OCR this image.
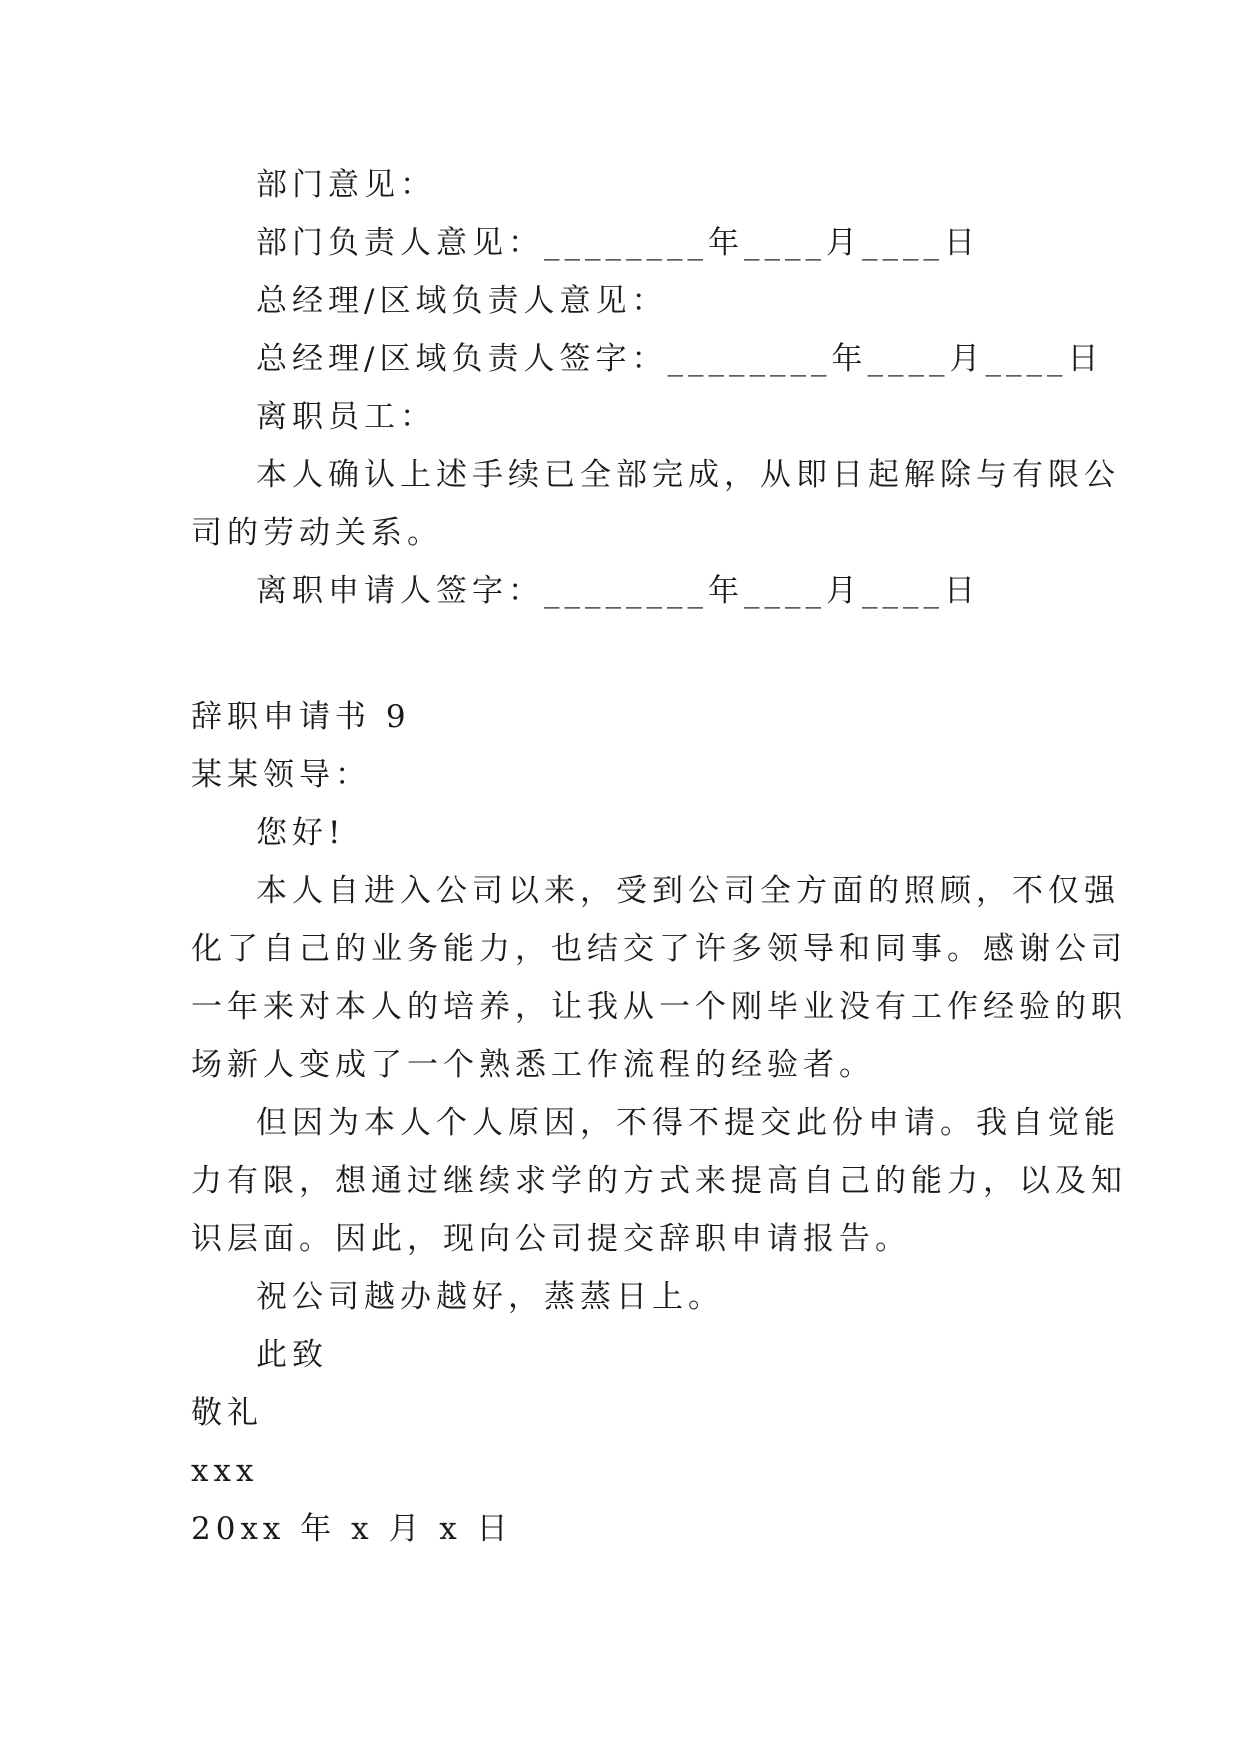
部门意见：
部门负责人意见：________年____月____日
总经理/区域负责人意见：
总经理/区域负责人签字：________年____月____日
离职员工：
本人确认上述手续已全部完成，从即日起解除与有限公
司的劳动关系。
离职申请人签字：________年____月____日
辞职申请书 9
某某领导：
您好!
本人自进入公司以来，受到公司全方面的照顾，不仅强
化了自己的业务能力，也结交了许多领导和同事。感谢公司
一年来对本人的培养，让我从一个刚毕业没有工作经验的职
场新人变成了一个熟悉工作流程的经验者。
但因为本人个人原因，不得不提交此份申请。我自觉能
力有限，想通过继续求学的方式来提高自己的能力，以及知
识层面。因此，现向公司提交辞职申请报告。
祝公司越办越好，蒸蒸日上。
此致
敬礼
xxx
20xx 年 x 月 x 日
